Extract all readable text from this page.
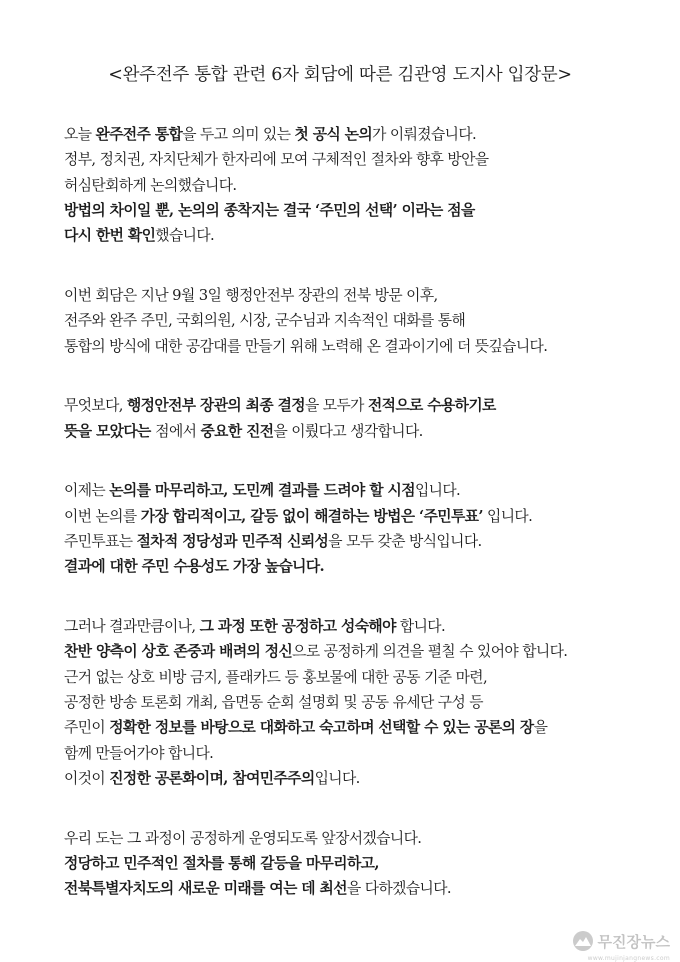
<완주전주 통합 관련 6자 회담에 따른 김관영 도지사 입장문>
오늘 완주전주 통합을 두고 의미 있는 첫 공식 논의가 이뤄졌습니다.
정부, 정치권, 자치단체가 한자리에 모여 구체적인 절차와 향후 방안을
허심탄회하게 논의했습니다.
방법의 차이일 뿐, 논의의 종착지는 결국 ‘주민의 선택’ 이라는 점을
다시 한번 확인했습니다.
이번 회담은 지난 9월 3일 행정안전부 장관의 전북 방문 이후,
전주와 완주 주민, 국회의원, 시장, 군수님과 지속적인 대화를 통해
통합의 방식에 대한 공감대를 만들기 위해 노력해 온 결과이기에 더 뜻깊습니다.
무엇보다, 행정안전부 장관의 최종 결정을 모두가 전적으로 수용하기로
뜻을 모았다는 점에서 중요한 진전을 이뤘다고 생각합니다.
이제는 논의를 마무리하고, 도민께 결과를 드려야 할 시점입니다.
이번 논의를 가장 합리적이고, 갈등 없이 해결하는 방법은 ‘주민투표’ 입니다.
주민투표는 절차적 정당성과 민주적 신뢰성을 모두 갖춘 방식입니다.
결과에 대한 주민 수용성도 가장 높습니다.
그러나 결과만큼이나, 그 과정 또한 공정하고 성숙해야 합니다.
찬반 양측이 상호 존중과 배려의 정신으로 공정하게 의견을 펼칠 수 있어야 합니다.
근거 없는 상호 비방 금지, 플래카드 등 홍보물에 대한 공동 기준 마련,
공정한 방송 토론회 개최, 읍면동 순회 설명회 및 공동 유세단 구성 등
주민이 정확한 정보를 바탕으로 대화하고 숙고하며 선택할 수 있는 공론의 장을
함께 만들어가야 합니다.
이것이 진정한 공론화이며, 참여민주주의입니다.
우리 도는 그 과정이 공정하게 운영되도록 앞장서겠습니다.
정당하고 민주적인 절차를 통해 갈등을 마무리하고,
전북특별자치도의 새로운 미래를 여는 데 최선을 다하겠습니다.
무진장뉴스
www.mujinjangnews.com
